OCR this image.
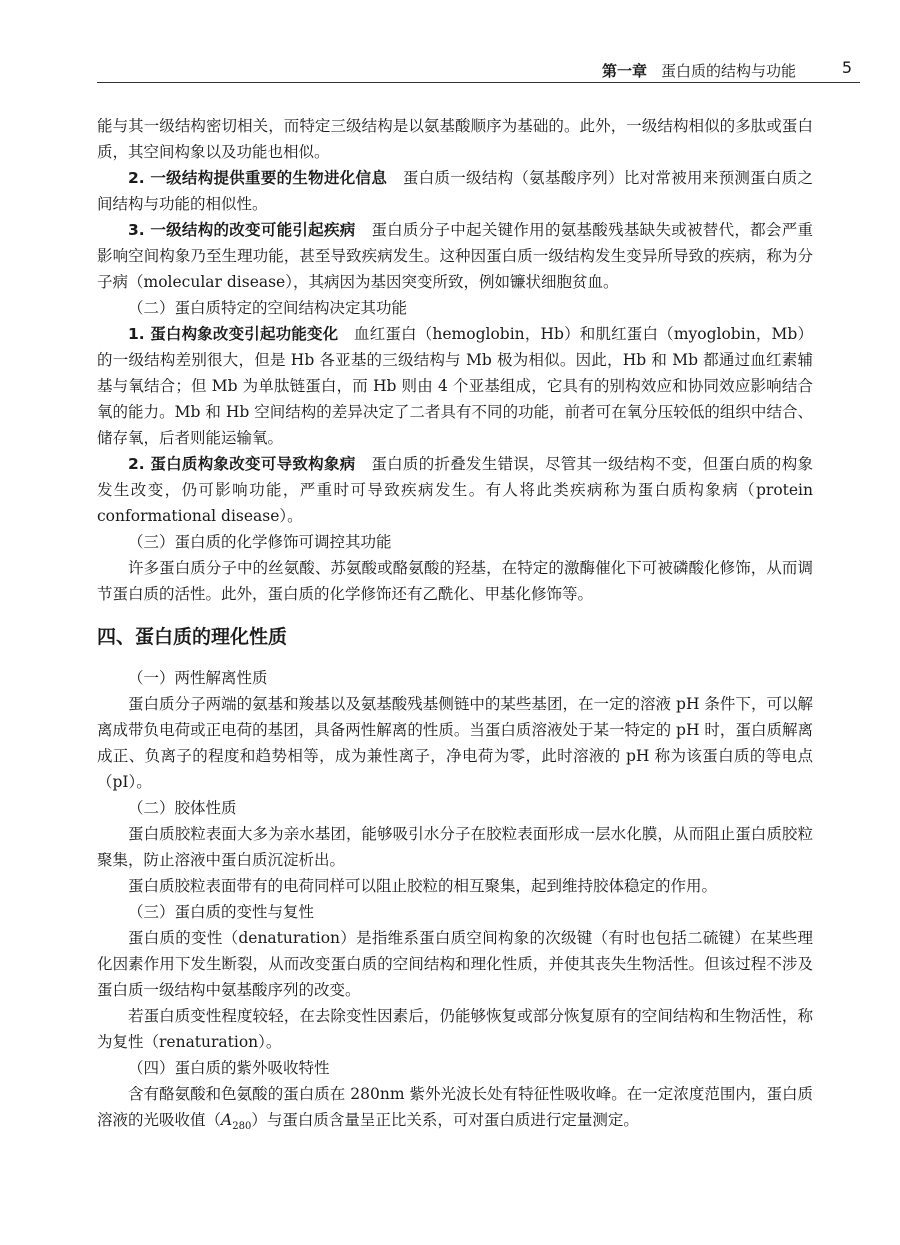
第一章 蛋白质的结构与功能	5

能与其一级结构密切相关，而特定三级结构是以氨基酸顺序为基础的。此外，一级结构相似的多肽或蛋白质，其空间构象以及功能也相似。

2. 一级结构提供重要的生物进化信息　 蛋白质一级结构（氨基酸序列）比对常被用来预测蛋白质之间结构与功能的相似性。

3. 一级结构的改变可能引起疾病　 蛋白质分子中起关键作用的氨基酸残基缺失或被替代，都会严重影响空间构象乃至生理功能，甚至导致疾病发生。这种因蛋白质一级结构发生变异所导致的疾病，称为分子病（molecular disease），其病因为基因突变所致，例如镰状细胞贫血。

（二）蛋白质特定的空间结构决定其功能

1. 蛋白构象改变引起功能变化　 血红蛋白（hemoglobin，Hb）和肌红蛋白（myoglobin，Mb）的一级结构差别很大，但是 Hb 各亚基的三级结构与 Mb 极为相似。因此，Hb 和 Mb 都通过血红素辅基与氧结合；但 Mb 为单肽链蛋白，而 Hb 则由 4 个亚基组成，它具有的别构效应和协同效应影响结合氧的能力。Mb 和 Hb 空间结构的差异决定了二者具有不同的功能，前者可在氧分压较低的组织中结合、储存氧，后者则能运输氧。

2. 蛋白质构象改变可导致构象病　 蛋白质的折叠发生错误，尽管其一级结构不变，但蛋白质的构象发生改变，仍可影响功能，严重时可导致疾病发生。有人将此类疾病称为蛋白质构象病（protein conformational disease）。

（三）蛋白质的化学修饰可调控其功能

许多蛋白质分子中的丝氨酸、苏氨酸或酪氨酸的羟基，在特定的激酶催化下可被磷酸化修饰，从而调节蛋白质的活性。此外，蛋白质的化学修饰还有乙酰化、甲基化修饰等。

四、蛋白质的理化性质

（一）两性解离性质

蛋白质分子两端的氨基和羧基以及氨基酸残基侧链中的某些基团，在一定的溶液 pH 条件下，可以解离成带负电荷或正电荷的基团，具备两性解离的性质。当蛋白质溶液处于某一特定的 pH 时，蛋白质解离成正、负离子的程度和趋势相等，成为兼性离子，净电荷为零，此时溶液的 pH 称为该蛋白质的等电点（pI）。

（二）胶体性质

蛋白质胶粒表面大多为亲水基团，能够吸引水分子在胶粒表面形成一层水化膜，从而阻止蛋白质胶粒聚集，防止溶液中蛋白质沉淀析出。

蛋白质胶粒表面带有的电荷同样可以阻止胶粒的相互聚集，起到维持胶体稳定的作用。

（三）蛋白质的变性与复性

蛋白质的变性（denaturation）是指维系蛋白质空间构象的次级键（有时也包括二硫键）在某些理化因素作用下发生断裂，从而改变蛋白质的空间结构和理化性质，并使其丧失生物活性。但该过程不涉及蛋白质一级结构中氨基酸序列的改变。

若蛋白质变性程度较轻，在去除变性因素后，仍能够恢复或部分恢复原有的空间结构和生物活性，称为复性（renaturation）。

（四）蛋白质的紫外吸收特性

含有酪氨酸和色氨酸的蛋白质在 280nm 紫外光波长处有特征性吸收峰。在一定浓度范围内，蛋白质溶液的光吸收值$(A_{280})$与蛋白质含量呈正比关系，可对蛋白质进行定量测定。
